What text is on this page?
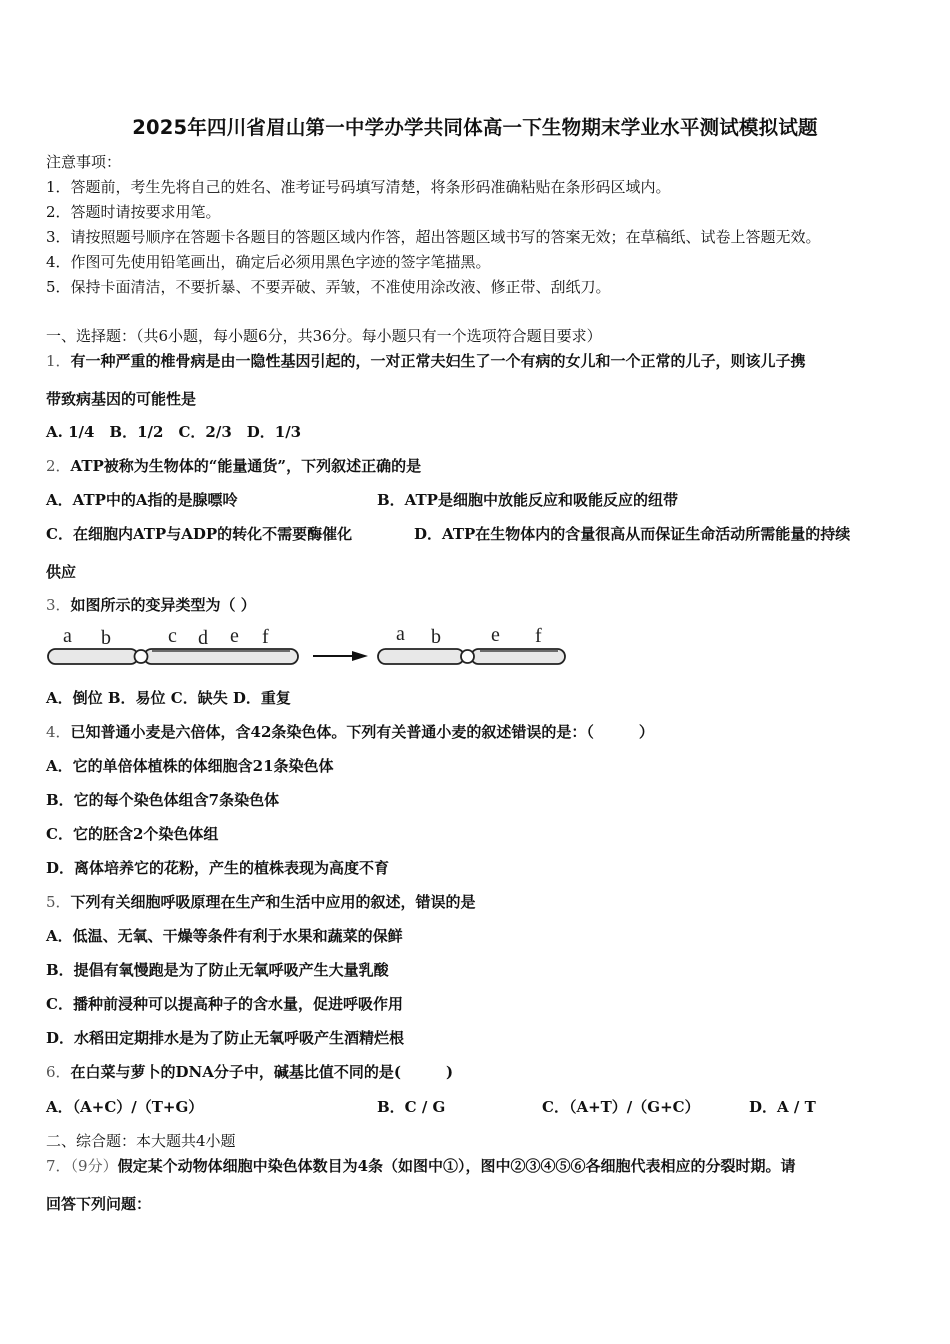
2025年四川省眉山第一中学办学共同体高一下生物期末学业水平测试模拟试题
注意事项：
1．答题前，考生先将自己的姓名、准考证号码填写清楚，将条形码准确粘贴在条形码区域内。
2．答题时请按要求用笔。
3．请按照题号顺序在答题卡各题目的答题区域内作答，超出答题区域书写的答案无效；在草稿纸、试卷上答题无效。
4．作图可先使用铅笔画出，确定后必须用黑色字迹的签字笔描黑。
5．保持卡面清洁，不要折暴、不要弄破、弄皱，不准使用涂改液、修正带、刮纸刀。
一、选择题：（共6小题，每小题6分，共36分。每小题只有一个选项符合题目要求）
1．有一种严重的椎骨病是由一隐性基因引起的，一对正常夫妇生了一个有病的女儿和一个正常的儿子，则该儿子携
带致病基因的可能性是
A. 1/4　B．1/2　C．2/3　D．1/3
2．ATP被称为生物体的“能量通货”，下列叙述正确的是
A．ATP中的A指的是腺嘌呤	B．ATP是细胞中放能反应和吸能反应的纽带
C．在细胞内ATP与ADP的转化不需要酶催化	D．ATP在生物体内的含量很高从而保证生命活动所需能量的持续
供应
3．如图所示的变异类型为（ ）
a b	c d e f	a b	e f
A．倒位 B．易位 C．缺失 D．重复
4．已知普通小麦是六倍体，含42条染色体。下列有关普通小麦的叙述错误的是：（　　　）
A．它的单倍体植株的体细胞含21条染色体
B．它的每个染色体组含7条染色体
C．它的胚含2个染色体组
D．离体培养它的花粉，产生的植株表现为高度不育
5．下列有关细胞呼吸原理在生产和生活中应用的叙述，错误的是
A．低温、无氧、干燥等条件有利于水果和蔬菜的保鲜
B．提倡有氧慢跑是为了防止无氧呼吸产生大量乳酸
C．播种前浸种可以提高种子的含水量，促进呼吸作用
D．水稻田定期排水是为了防止无氧呼吸产生酒精烂根
6．在白菜与萝卜的DNA分子中，碱基比值不同的是(　　　)
A．（A+C）/（T+G）	B．C / G	C．（A+T）/（G+C）	D．A / T
二、综合题：本大题共4小题
7．（9分）假定某个动物体细胞中染色体数目为4条（如图中①），图中②③④⑤⑥各细胞代表相应的分裂时期。请
回答下列问题：
